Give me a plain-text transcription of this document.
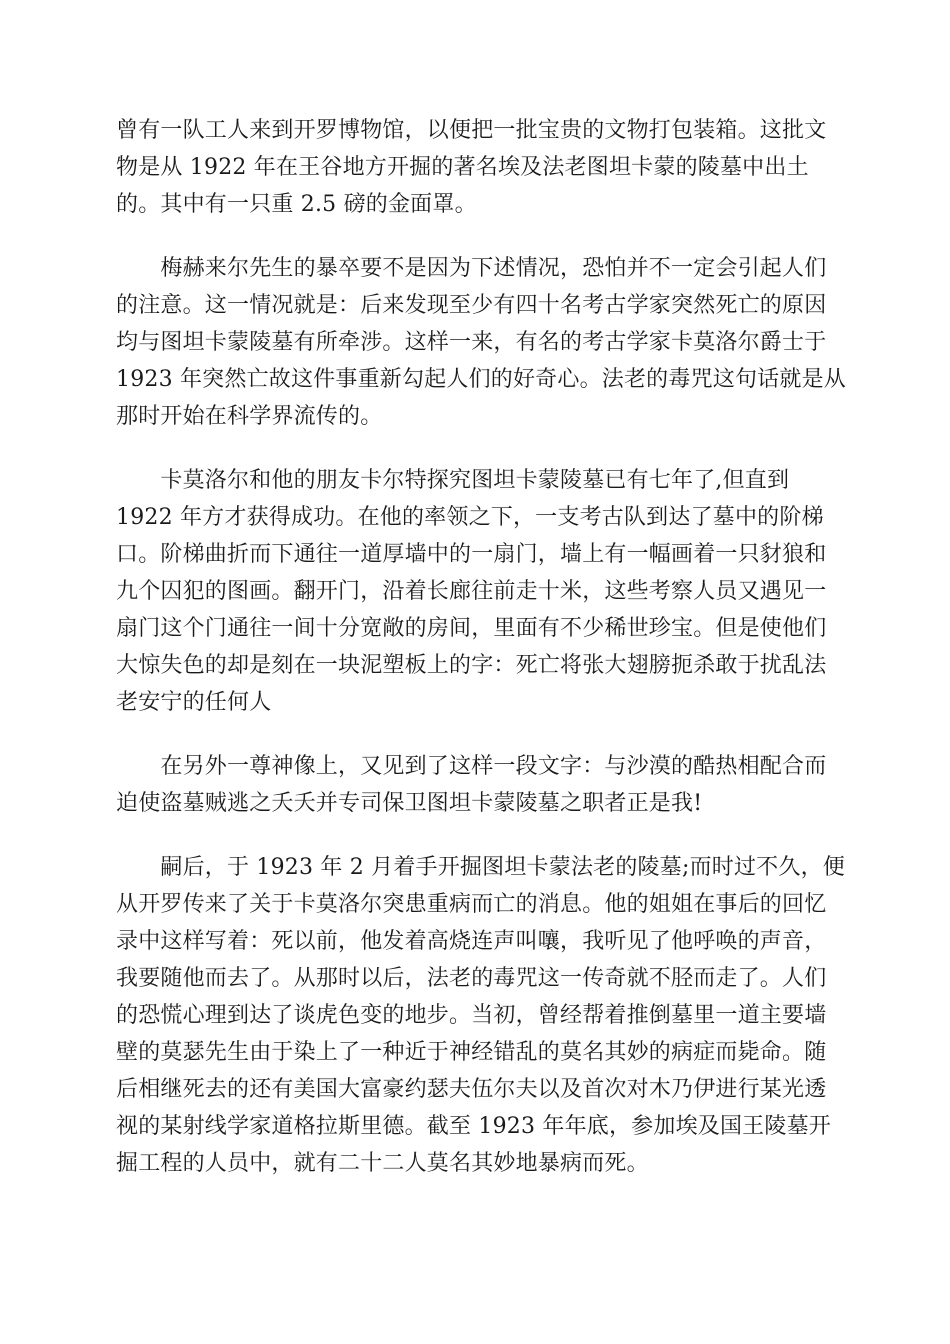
曾有一队工人来到开罗博物馆，以便把一批宝贵的文物打包装箱。这批文
物是从 1922 年在王谷地方开掘的著名埃及法老图坦卡蒙的陵墓中出土
的。其中有一只重 2.5 磅的金面罩。
　　梅赫来尔先生的暴卒要不是因为下述情况，恐怕并不一定会引起人们
的注意。这一情况就是：后来发现至少有四十名考古学家突然死亡的原因
均与图坦卡蒙陵墓有所牵涉。这样一来，有名的考古学家卡莫洛尔爵士于
1923 年突然亡故这件事重新勾起人们的好奇心。法老的毒咒这句话就是从
那时开始在科学界流传的。
　　卡莫洛尔和他的朋友卡尔特探究图坦卡蒙陵墓已有七年了,但直到
1922 年方才获得成功。在他的率领之下，一支考古队到达了墓中的阶梯
口。阶梯曲折而下通往一道厚墙中的一扇门，墙上有一幅画着一只豺狼和
九个囚犯的图画。翻开门，沿着长廊往前走十米，这些考察人员又遇见一
扇门这个门通往一间十分宽敞的房间，里面有不少稀世珍宝。但是使他们
大惊失色的却是刻在一块泥塑板上的字：死亡将张大翅膀扼杀敢于扰乱法
老安宁的任何人
　　在另外一尊神像上，又见到了这样一段文字：与沙漠的酷热相配合而
迫使盗墓贼逃之夭夭并专司保卫图坦卡蒙陵墓之职者正是我!
　　嗣后，于 1923 年 2 月着手开掘图坦卡蒙法老的陵墓;而时过不久，便
从开罗传来了关于卡莫洛尔突患重病而亡的消息。他的姐姐在事后的回忆
录中这样写着：死以前，他发着高烧连声叫嚷，我听见了他呼唤的声音，
我要随他而去了。从那时以后，法老的毒咒这一传奇就不胫而走了。人们
的恐慌心理到达了谈虎色变的地步。当初，曾经帮着推倒墓里一道主要墙
壁的莫瑟先生由于染上了一种近于神经错乱的莫名其妙的病症而毙命。随
后相继死去的还有美国大富豪约瑟夫伍尔夫以及首次对木乃伊进行某光透
视的某射线学家道格拉斯里德。截至 1923 年年底，参加埃及国王陵墓开
掘工程的人员中，就有二十二人莫名其妙地暴病而死。
